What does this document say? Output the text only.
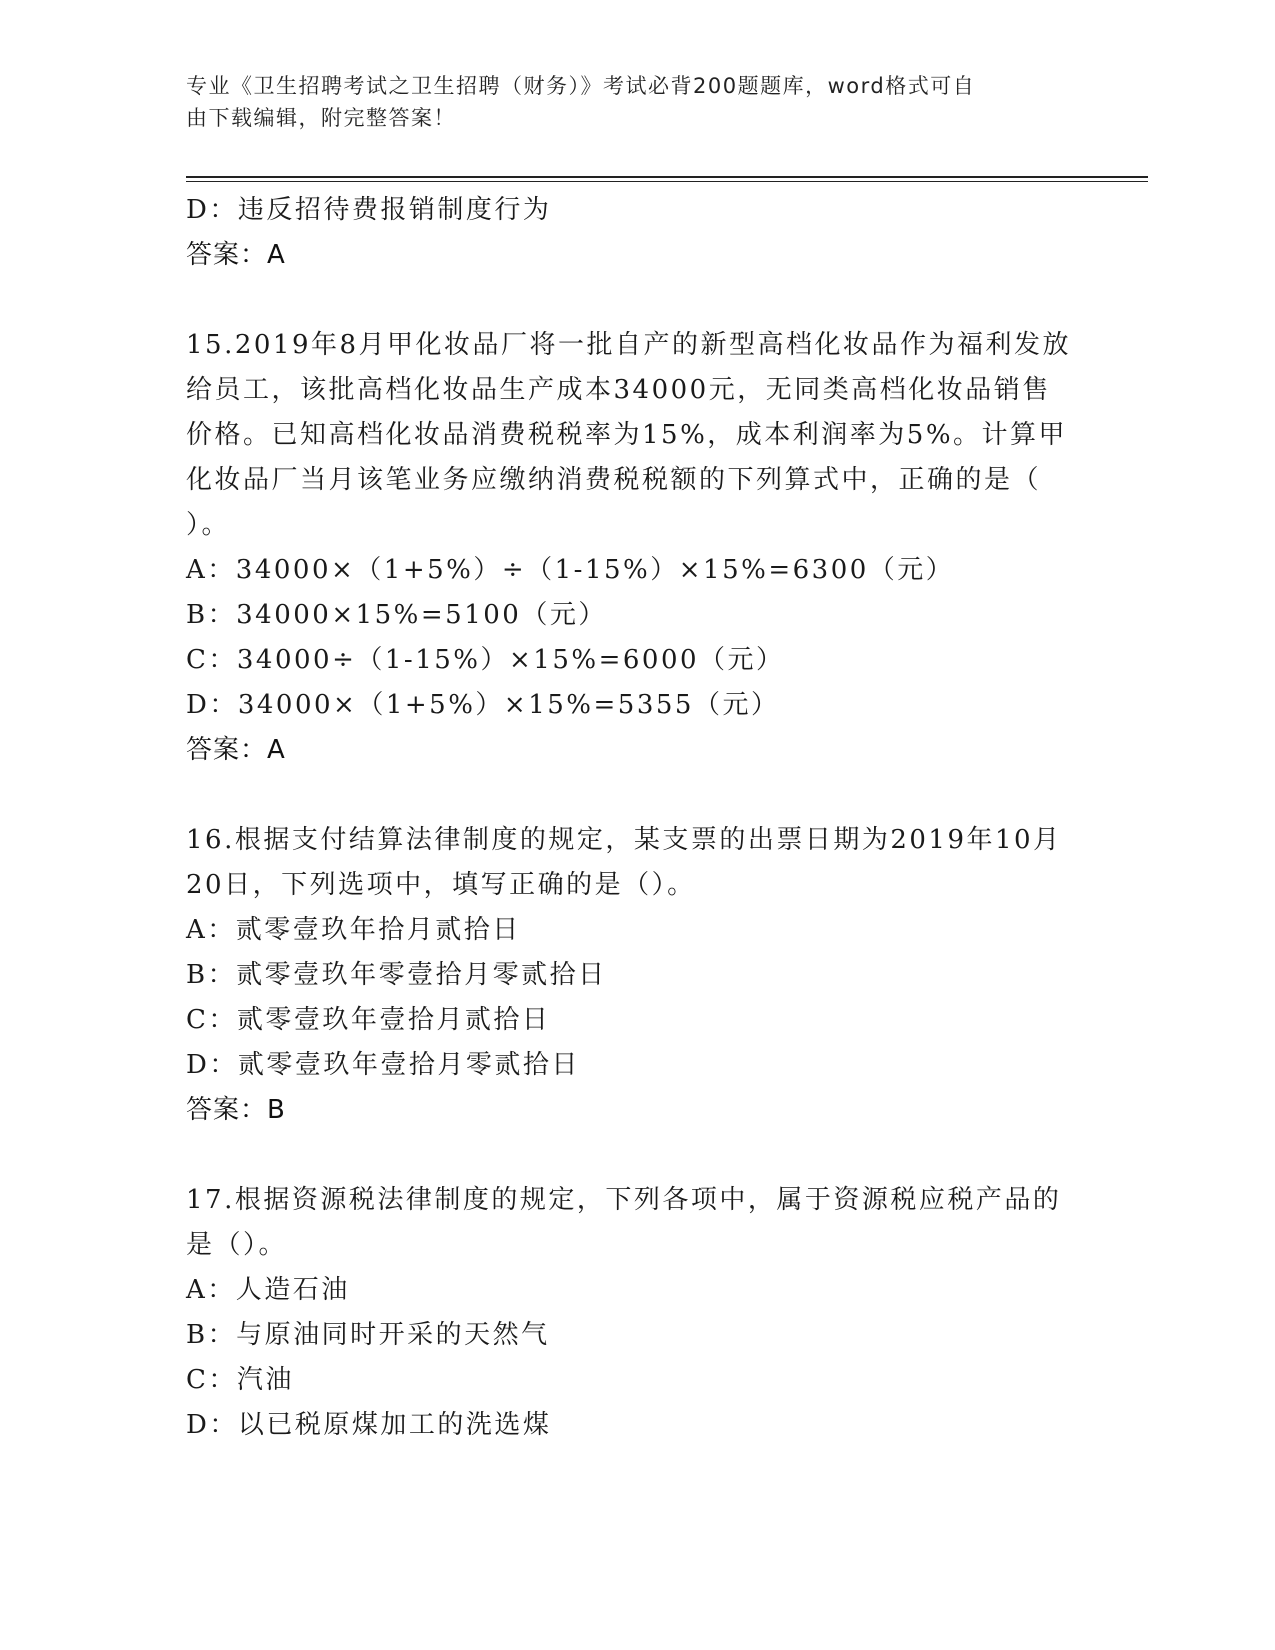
专业《卫生招聘考试之卫生招聘（财务）》考试必背200题题库，word格式可自
由下载编辑，附完整答案！
D：违反招待费报销制度行为
答案：A
15.2019年8月甲化妆品厂将一批自产的新型高档化妆品作为福利发放
给员工，该批高档化妆品生产成本34000元，无同类高档化妆品销售
价格。已知高档化妆品消费税税率为15%，成本利润率为5%。计算甲
化妆品厂当月该笔业务应缴纳消费税税额的下列算式中，正确的是（
）。
A：34000×（1+5%）÷（1-15%）×15%=6300（元）
B：34000×15%=5100（元）
C：34000÷（1-15%）×15%=6000（元）
D：34000×（1+5%）×15%=5355（元）
答案：A
16.根据支付结算法律制度的规定，某支票的出票日期为2019年10月
20日，下列选项中，填写正确的是（）。
A：贰零壹玖年拾月贰拾日
B：贰零壹玖年零壹拾月零贰拾日
C：贰零壹玖年壹拾月贰拾日
D：贰零壹玖年壹拾月零贰拾日
答案：B
17.根据资源税法律制度的规定，下列各项中，属于资源税应税产品的
是（）。
A：人造石油
B：与原油同时开采的天然气
C：汽油
D：以已税原煤加工的洗选煤
